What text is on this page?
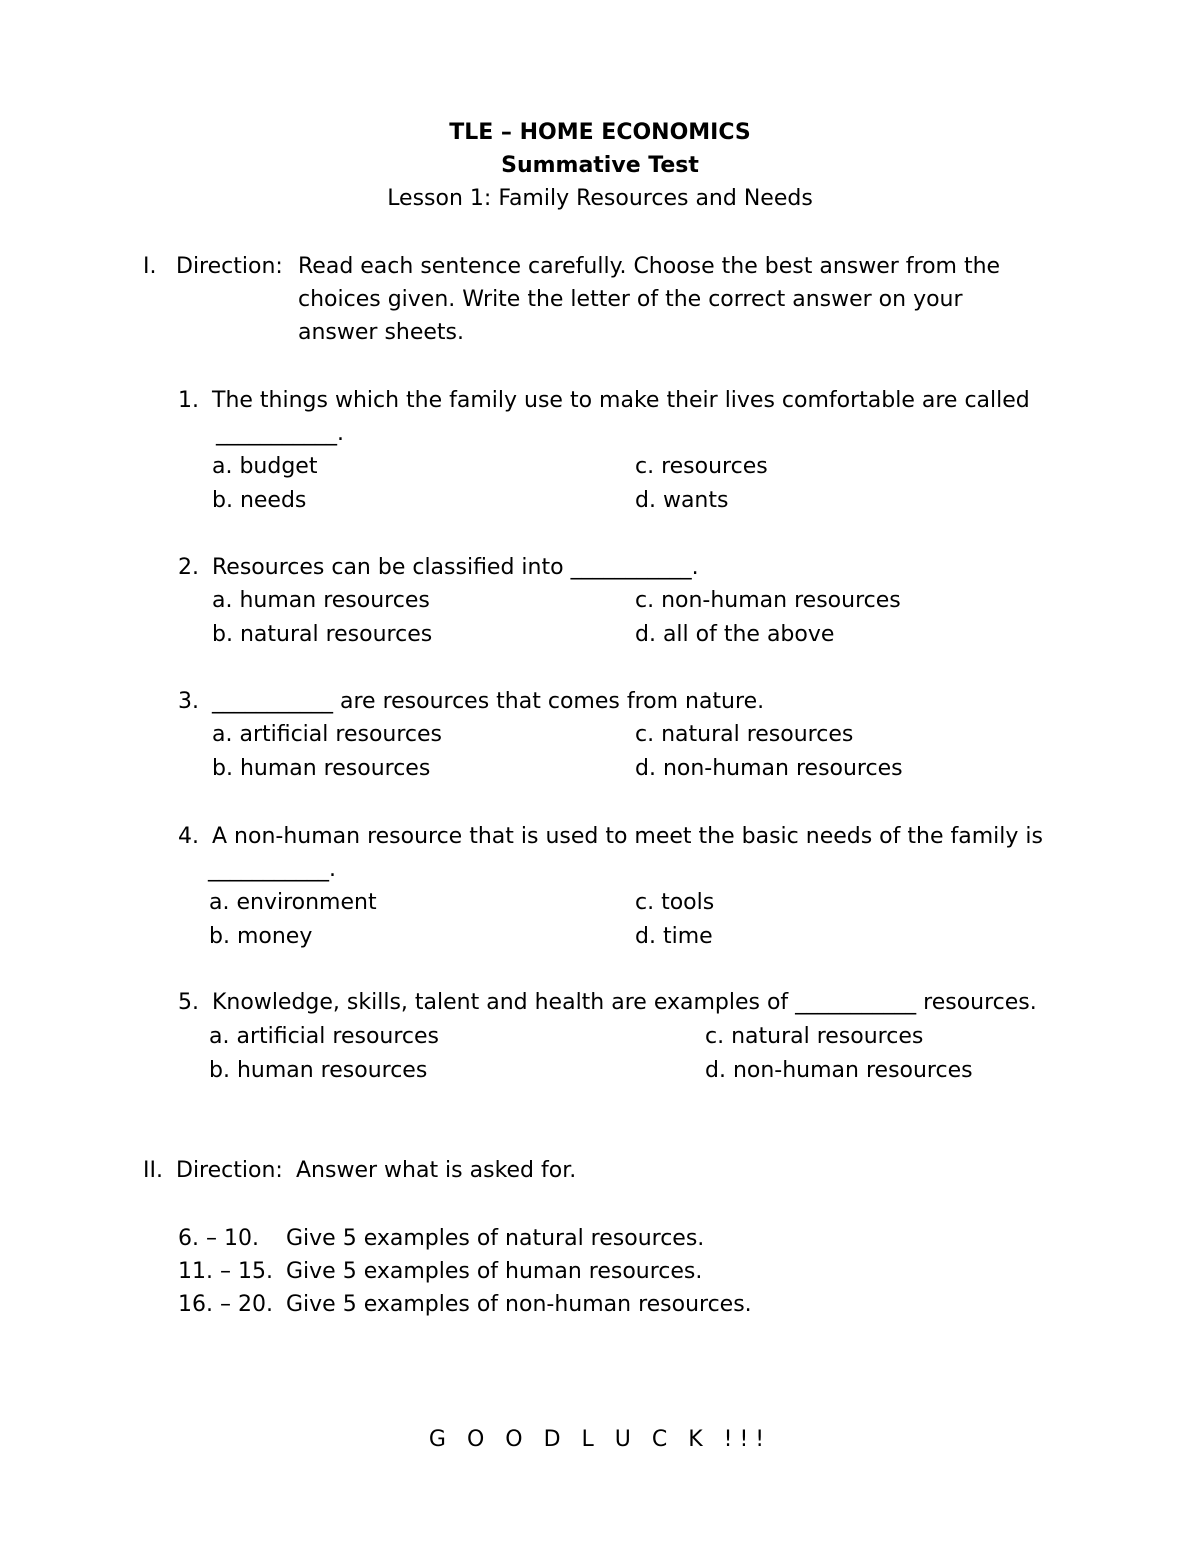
TLE – HOME ECONOMICS
Summative Test
Lesson 1: Family Resources and Needs
I. Direction: Read each sentence carefully. Choose the best answer from the
choices given. Write the letter of the correct answer on your
answer sheets.
1. The things which the family use to make their lives comfortable are called
___________.
a. budget	c. resources
b. needs	d. wants
2. Resources can be classified into ___________.
a. human resources	c. non-human resources
b. natural resources	d. all of the above
3. ___________ are resources that comes from nature.
a. artificial resources	c. natural resources
b. human resources	d. non-human resources
4. A non-human resource that is used to meet the basic needs of the family is
___________.
a. environment	c. tools
b. money	d. time
5. Knowledge, skills, talent and health are examples of ___________ resources.
a. artificial resources	c. natural resources
b. human resources	d. non-human resources
II. Direction: Answer what is asked for.
6. – 10. Give 5 examples of natural resources.
11. – 15. Give 5 examples of human resources.
16. – 20. Give 5 examples of non-human resources.
G O O D L U C K !!!
